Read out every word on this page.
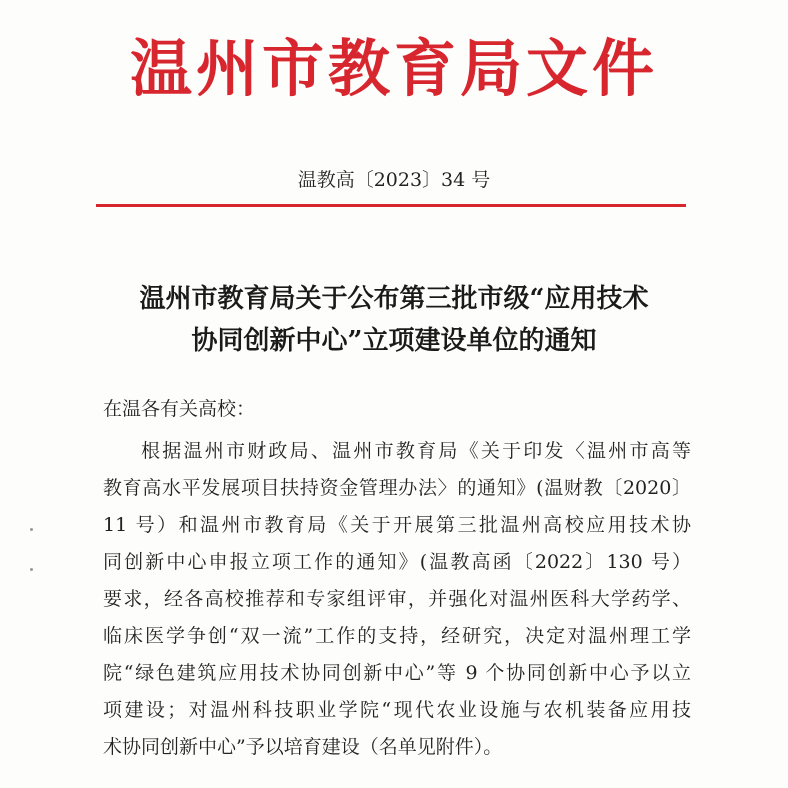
温州市教育局文件
温教高〔2023〕34 号
温州市教育局关于公布第三批市级“应用技术
协同创新中心”立项建设单位的通知
在温各有关高校：
根据温州市财政局、温州市教育局《关于印发〈温州市高等
教育高水平发展项目扶持资金管理办法〉的通知》(温财教〔2020〕
11 号）和温州市教育局《关于开展第三批温州高校应用技术协
同创新中心申报立项工作的通知》(温教高函〔2022〕130 号）
要求，经各高校推荐和专家组评审，并强化对温州医科大学药学、
临床医学争创“双一流”工作的支持，经研究，决定对温州理工学
院“绿色建筑应用技术协同创新中心”等 9 个协同创新中心予以立
项建设；对温州科技职业学院“现代农业设施与农机装备应用技
术协同创新中心”予以培育建设（名单见附件）。
